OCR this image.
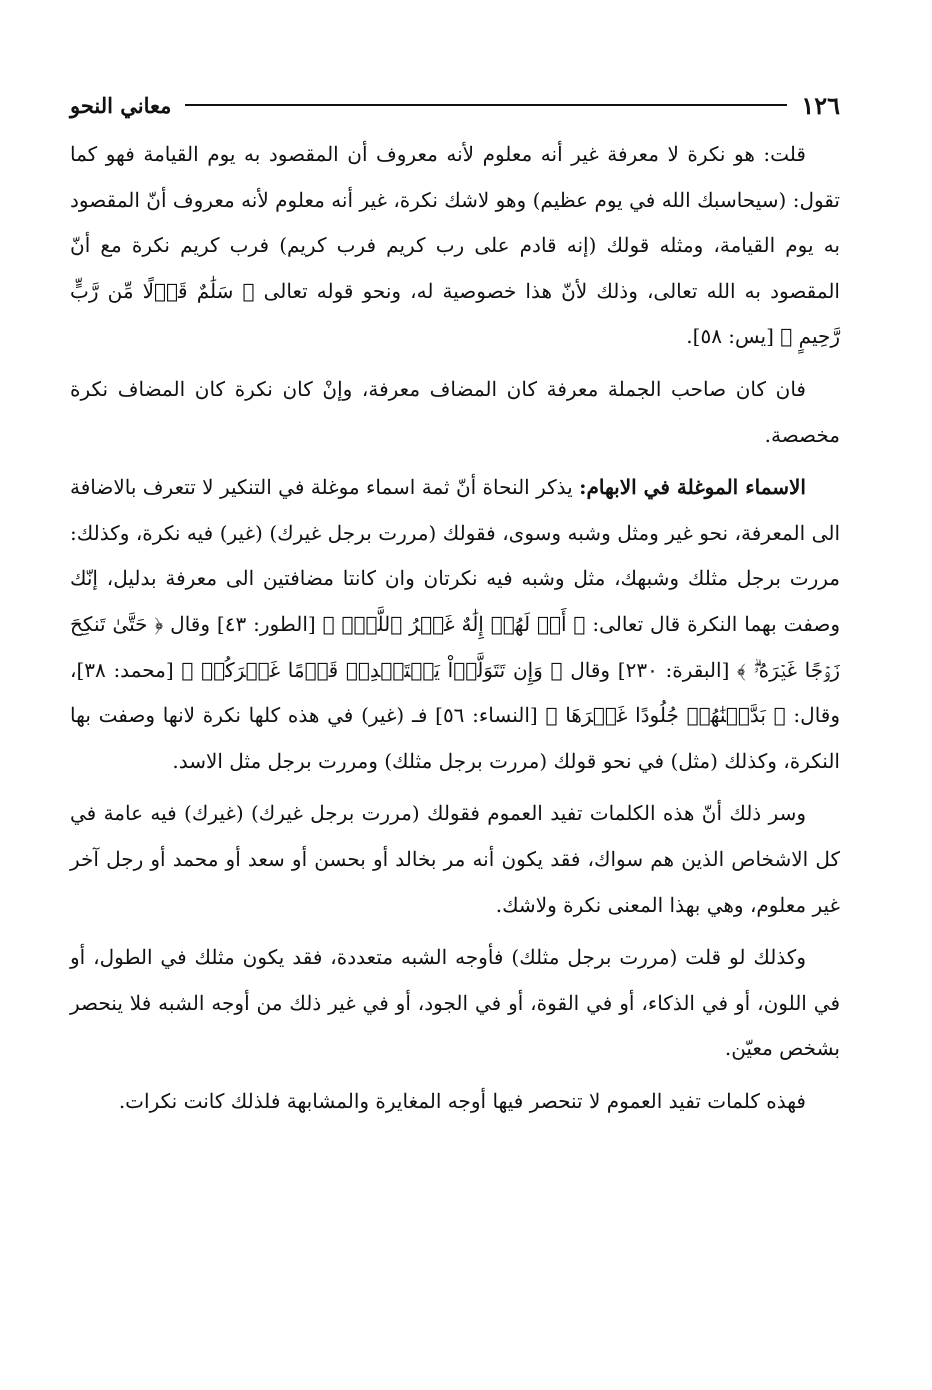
١٢٦
معاني النحو

قلت: هو نكرة لا معرفة غير أنه معلوم لأنه معروف أن المقصود به يوم القيامة فهو كما تقول: (سيحاسبك الله في يوم عظيم) وهو لاشك نكرة، غير أنه معلوم لأنه معروف أنّ المقصود به يوم القيامة، ومثله قولك (إنه قادم على رب كريم فرب كريم) فرب كريم نكرة مع أنّ المقصود به الله تعالى، وذلك لأنّ هذا خصوصية له، ونحو قوله تعالى ﴿ سَلَٰمٌ قَوۡلًا مِّن رَّبٍّ رَّحِيمٍ ﴾ [يس: ٥٨].

فان كان صاحب الجملة معرفة كان المضاف معرفة، وإنْ كان نكرة كان المضاف نكرة مخصصة.

الاسماء الموغلة في الابهام: يذكر النحاة أنّ ثمة اسماء موغلة في التنكير لا تتعرف بالاضافة الى المعرفة، نحو غير ومثل وشبه وسوى، فقولك (مررت برجل غيرك) (غير) فيه نكرة، وكذلك: مررت برجل مثلك وشبهك، مثل وشبه فيه نكرتان وان كانتا مضافتين الى معرفة بدليل، إنّك وصفت بهما النكرة قال تعالى: ﴿ أَمۡ لَهُمۡ إِلَٰهٌ غَيۡرُ ٱللَّهِۚ ﴾ [الطور: ٤٣] وقال ﴿ حَتَّىٰ تَنكِحَ زَوۡجًا غَيۡرَهُۥۗ ﴾ [البقرة: ٢٣٠] وقال ﴿ وَإِن تَتَوَلَّوۡاْ يَسۡتَبۡدِلۡ قَوۡمًا غَيۡرَكُمۡ ﴾ [محمد: ٣٨]، وقال: ﴿ بَدَّلۡنَٰهُمۡ جُلُودًا غَيۡرَهَا ﴾ [النساء: ٥٦] فـ (غير) في هذه كلها نكرة لانها وصفت بها النكرة، وكذلك (مثل) في نحو قولك (مررت برجل مثلك) ومررت برجل مثل الاسد.

وسر ذلك أنّ هذه الكلمات تفيد العموم فقولك (مررت برجل غيرك) (غيرك) فيه عامة في كل الاشخاص الذين هم سواك، فقد يكون أنه مر بخالد أو بحسن أو سعد أو محمد أو رجل آخر غير معلوم، وهي بهذا المعنى نكرة ولاشك.

وكذلك لو قلت (مررت برجل مثلك) فأوجه الشبه متعددة، فقد يكون مثلك في الطول، أو في اللون، أو في الذكاء، أو في القوة، أو في الجود، أو في غير ذلك من أوجه الشبه فلا ينحصر بشخص معيّن.

فهذه كلمات تفيد العموم لا تنحصر فيها أوجه المغايرة والمشابهة فلذلك كانت نكرات.
